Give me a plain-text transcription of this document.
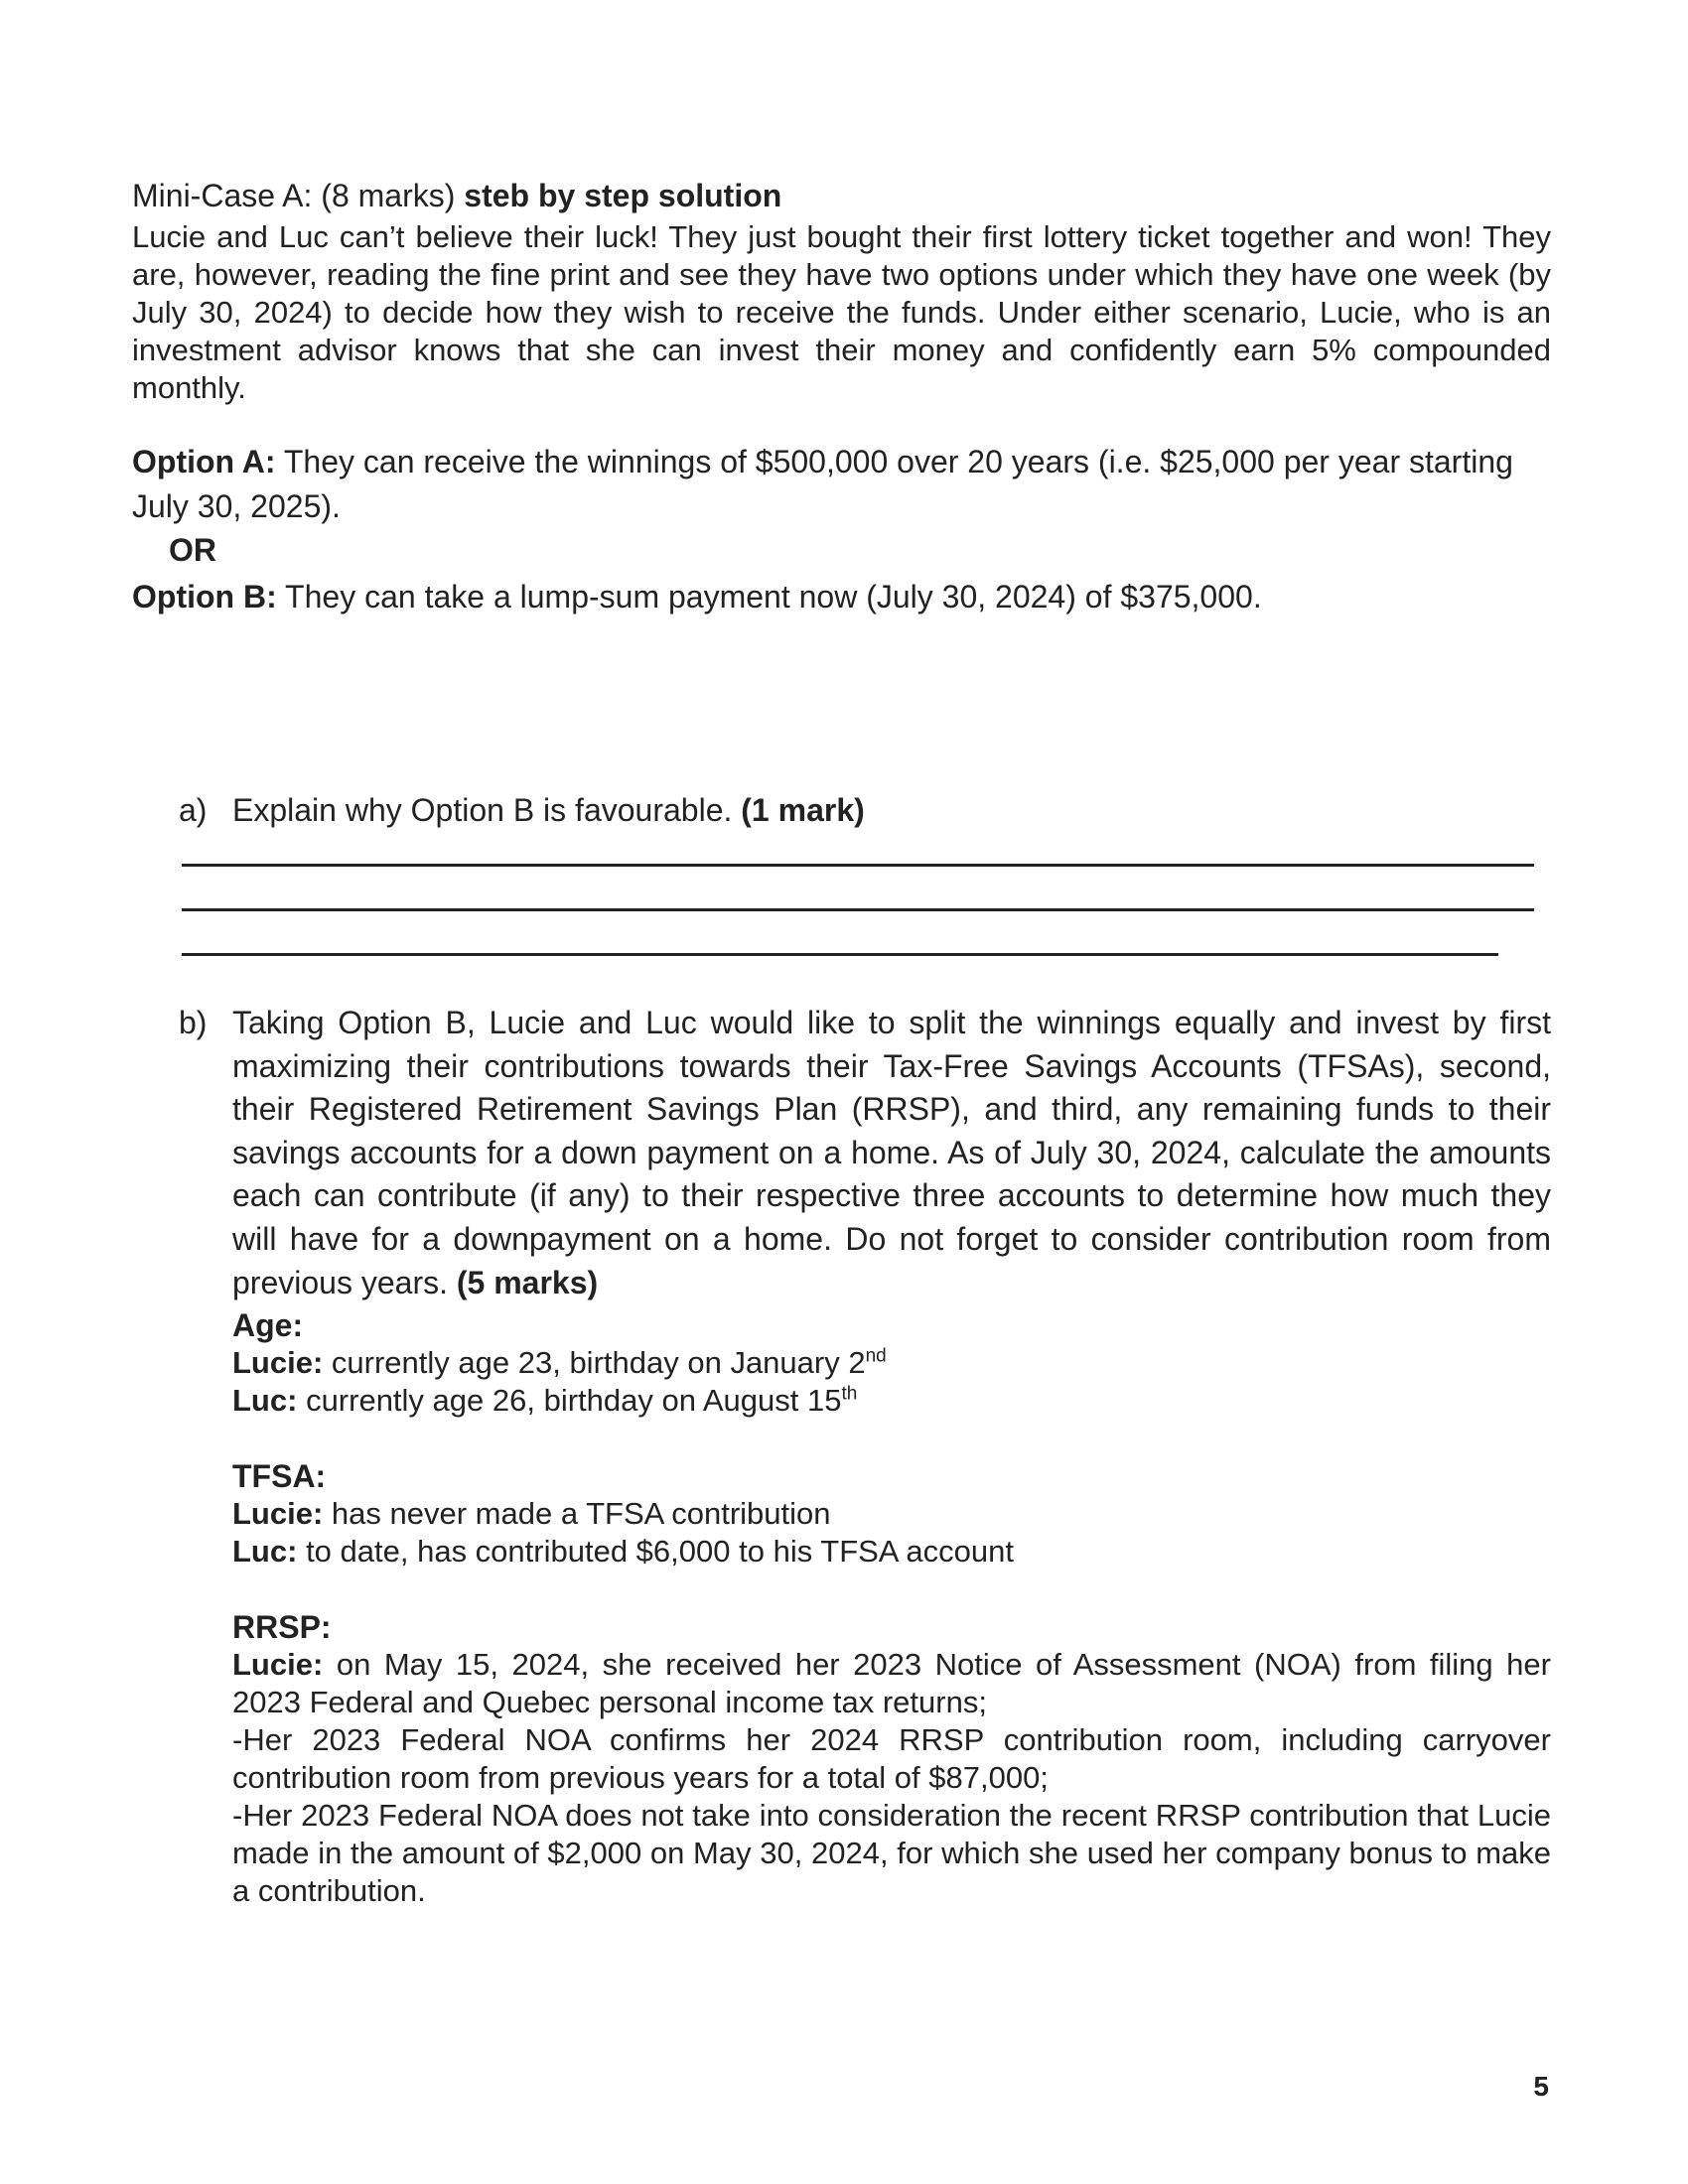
Mini-Case A: (8 marks) steb by step solution
Lucie and Luc can’t believe their luck! They just bought their first lottery ticket together and won! They are, however, reading the fine print and see they have two options under which they have one week (by July 30, 2024) to decide how they wish to receive the funds. Under either scenario, Lucie, who is an investment advisor knows that she can invest their money and confidently earn 5% compounded monthly.
Option A: They can receive the winnings of $500,000 over 20 years (i.e. $25,000 per year starting July 30, 2025).
OR
Option B: They can take a lump-sum payment now (July 30, 2024) of $375,000.
a) Explain why Option B is favourable. (1 mark)
b) Taking Option B, Lucie and Luc would like to split the winnings equally and invest by first maximizing their contributions towards their Tax-Free Savings Accounts (TFSAs), second, their Registered Retirement Savings Plan (RRSP), and third, any remaining funds to their savings accounts for a down payment on a home. As of July 30, 2024, calculate the amounts each can contribute (if any) to their respective three accounts to determine how much they will have for a downpayment on a home. Do not forget to consider contribution room from previous years. (5 marks)
Age:
Lucie: currently age 23, birthday on January 2nd
Luc: currently age 26, birthday on August 15th
TFSA:
Lucie: has never made a TFSA contribution
Luc: to date, has contributed $6,000 to his TFSA account
RRSP:
Lucie: on May 15, 2024, she received her 2023 Notice of Assessment (NOA) from filing her 2023 Federal and Quebec personal income tax returns;
-Her 2023 Federal NOA confirms her 2024 RRSP contribution room, including carryover contribution room from previous years for a total of $87,000;
-Her 2023 Federal NOA does not take into consideration the recent RRSP contribution that Lucie made in the amount of $2,000 on May 30, 2024, for which she used her company bonus to make a contribution.
5
